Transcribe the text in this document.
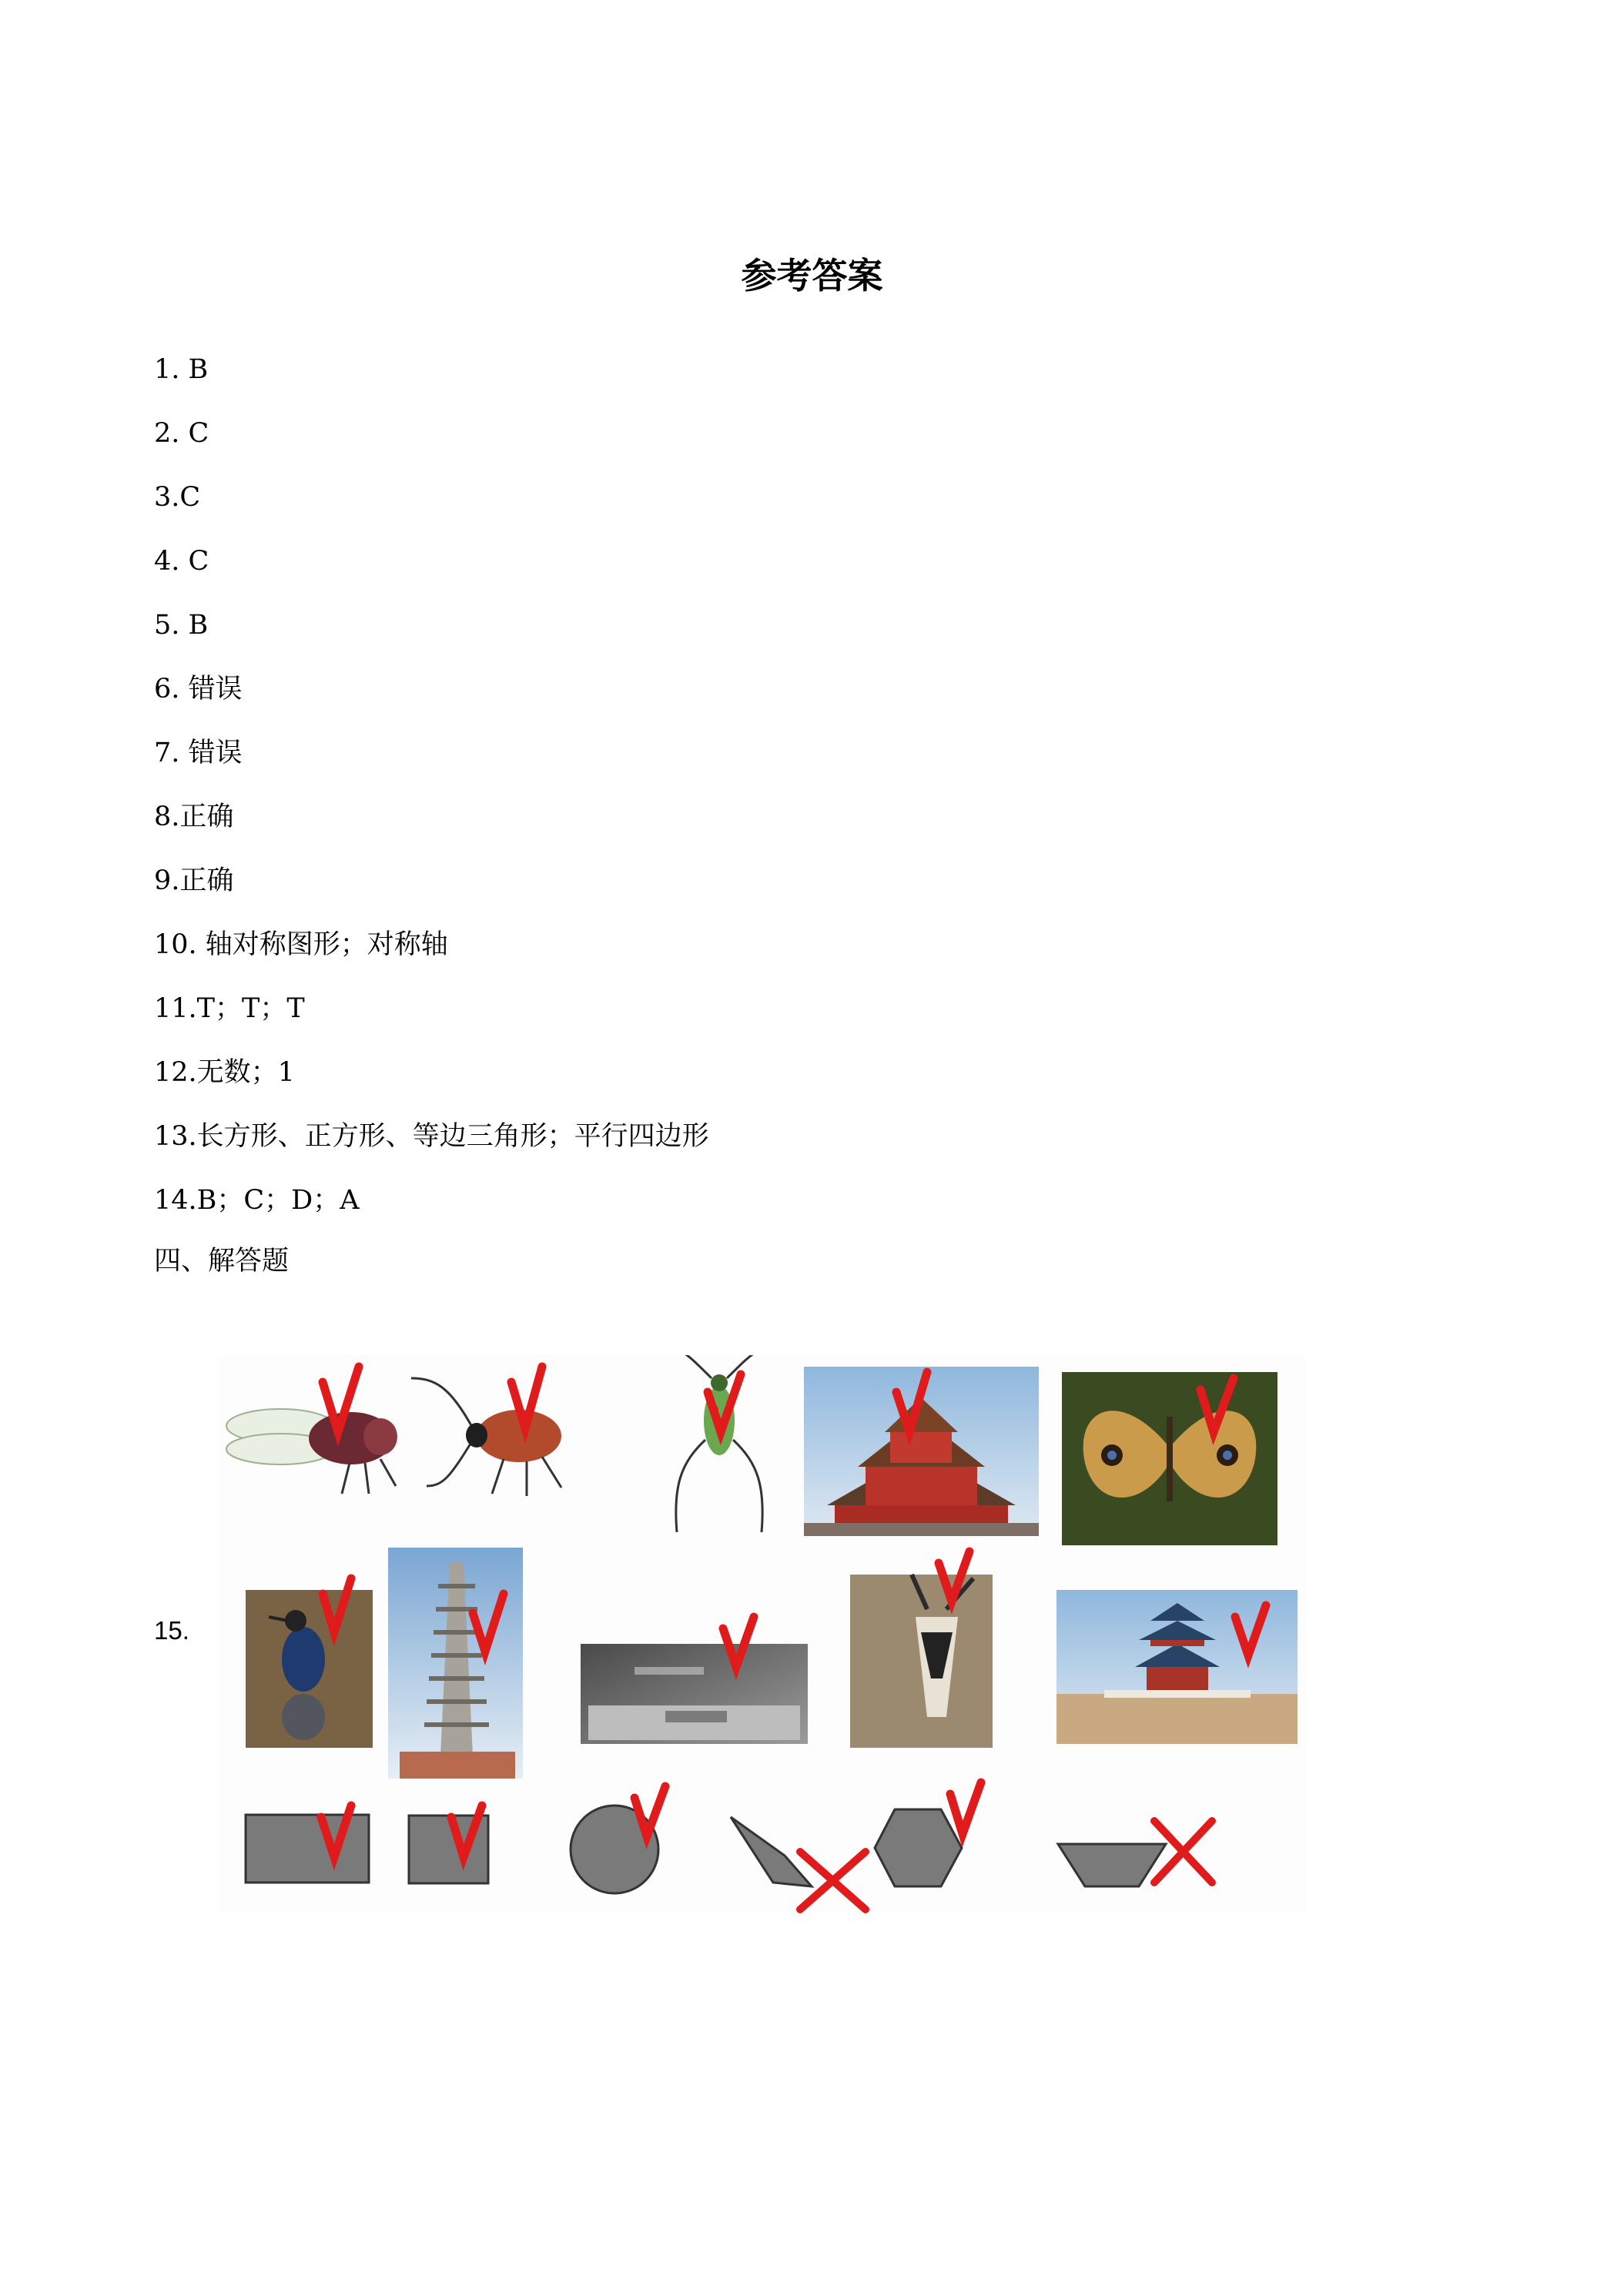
参考答案
1. B
2. C
3.C
4. C
5. B
6. 错误
7. 错误
8.正确
9.正确
10. 轴对称图形；对称轴
11.T；T；T
12.无数；1
13.长方形、正方形、等边三角形；平行四边形
14.B；C；D；A
四、解答题
15.
